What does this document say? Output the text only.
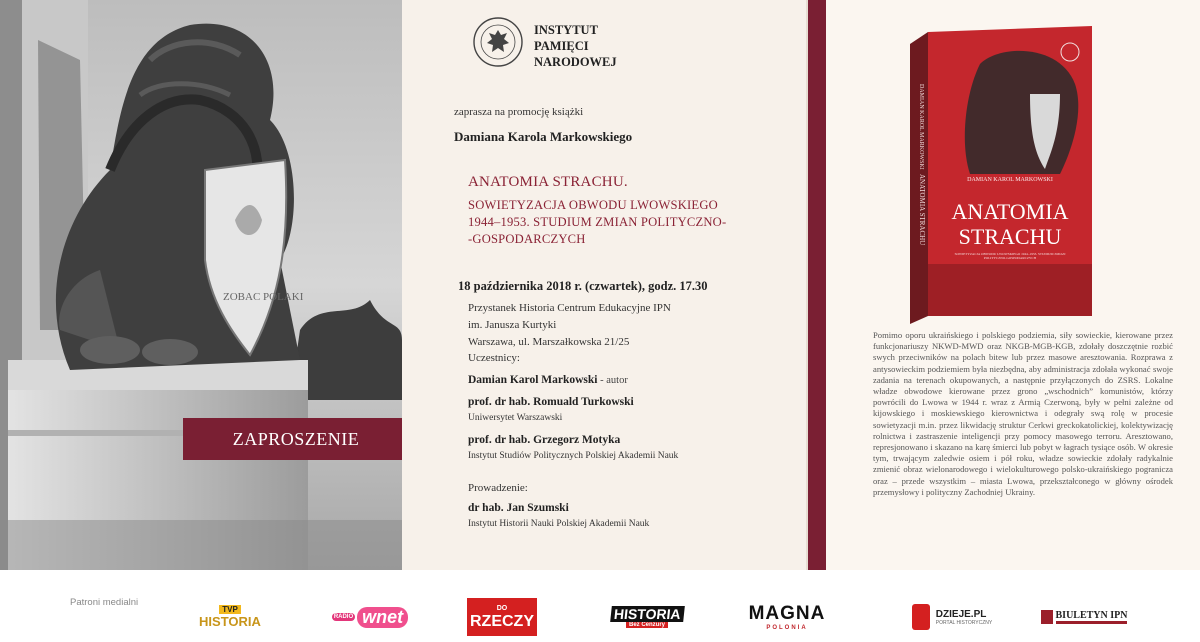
ZOBAC POLAKI
ZAPROSZENIE
INSTYTUT
PAMIĘCI
NARODOWEJ
zaprasza na promocję książki
Damiana Karola Markowskiego
ANATOMIA STRACHU.
SOWIETYZACJA OBWODU LWOWSKIEGO
1944–1953. STUDIUM ZMIAN POLITYCZNO-
-GOSPODARCZYCH
18 października 2018 r. (czwartek), godz. 17.30
Przystanek Historia Centrum Edukacyjne IPN
im. Janusza Kurtyki
Warszawa, ul. Marszałkowska 21/25
Uczestnicy:
Damian Karol Markowski - autor
prof. dr hab. Romuald Turkowski
Uniwersytet Warszawski
prof. dr hab. Grzegorz Motyka
Instytut Studiów Politycznych Polskiej Akademii Nauk
Prowadzenie:
dr hab. Jan Szumski
Instytut Historii Nauki Polskiej Akademii Nauk
DAMIAN KAROL MARKOWSKI
ANATOMIA STRACHU	DAMIAN KAROL MARKOWSKI
ANATOMIA
STRACHU
SOWIETYZACJA OBWODU LWOWSKIEGO 1944–1953. STUDIUM ZMIAN POLITYCZNO-GOSPODARCZYCH
Pomimo oporu ukraińskiego i polskiego podziemia, siły sowieckie, kierowane przez funkcjonariuszy NKWD-MWD oraz NKGB-MGB-KGB, zdołały doszczętnie rozbić swych przeciwników na polach bitew lub przez masowe aresztowania. Rozprawa z antysowieckim podziemiem była niezbędna, aby administracja zdołała wykonać swoje zadania na terenach okupowanych, a następnie przyłączonych do ZSRS. Lokalne władze obwodowe kierowane przez grono „wschodnich” komunistów, którzy powrócili do Lwowa w 1944 r. wraz z Armią Czerwoną, były w pełni zależne od kijowskiego i moskiewskiego kierownictwa i odegrały swą rolę w procesie sowietyzacji m.in. przez likwidację struktur Cerkwi greckokatolickiej, kolektywizację rolnictwa i zastraszenie inteligencji przy pomocy masowego terroru. Aresztowano, represjonowano i skazano na karę śmierci lub pobyt w łagrach tysiące osób. W okresie tym, trwającym zaledwie osiem i pół roku, władze sowieckie zdołały radykalnie zmienić obraz wielonarodowego i wielokulturowego polsko-ukraińskiego pogranicza oraz – przede wszystkim – miasta Lwowa, przekształconego w główny ośrodek przemysłowy i polityczny Zachodniej Ukrainy.
Patroni medialni
TVP
HISTORIA	RADIO wnet	DO
RZECZY	HISTORIA
Bez Cenzury
MAGNA
POLONIA
DZIEJE.PL
PORTAL HISTORYCZNY
BIULETYN IPN
